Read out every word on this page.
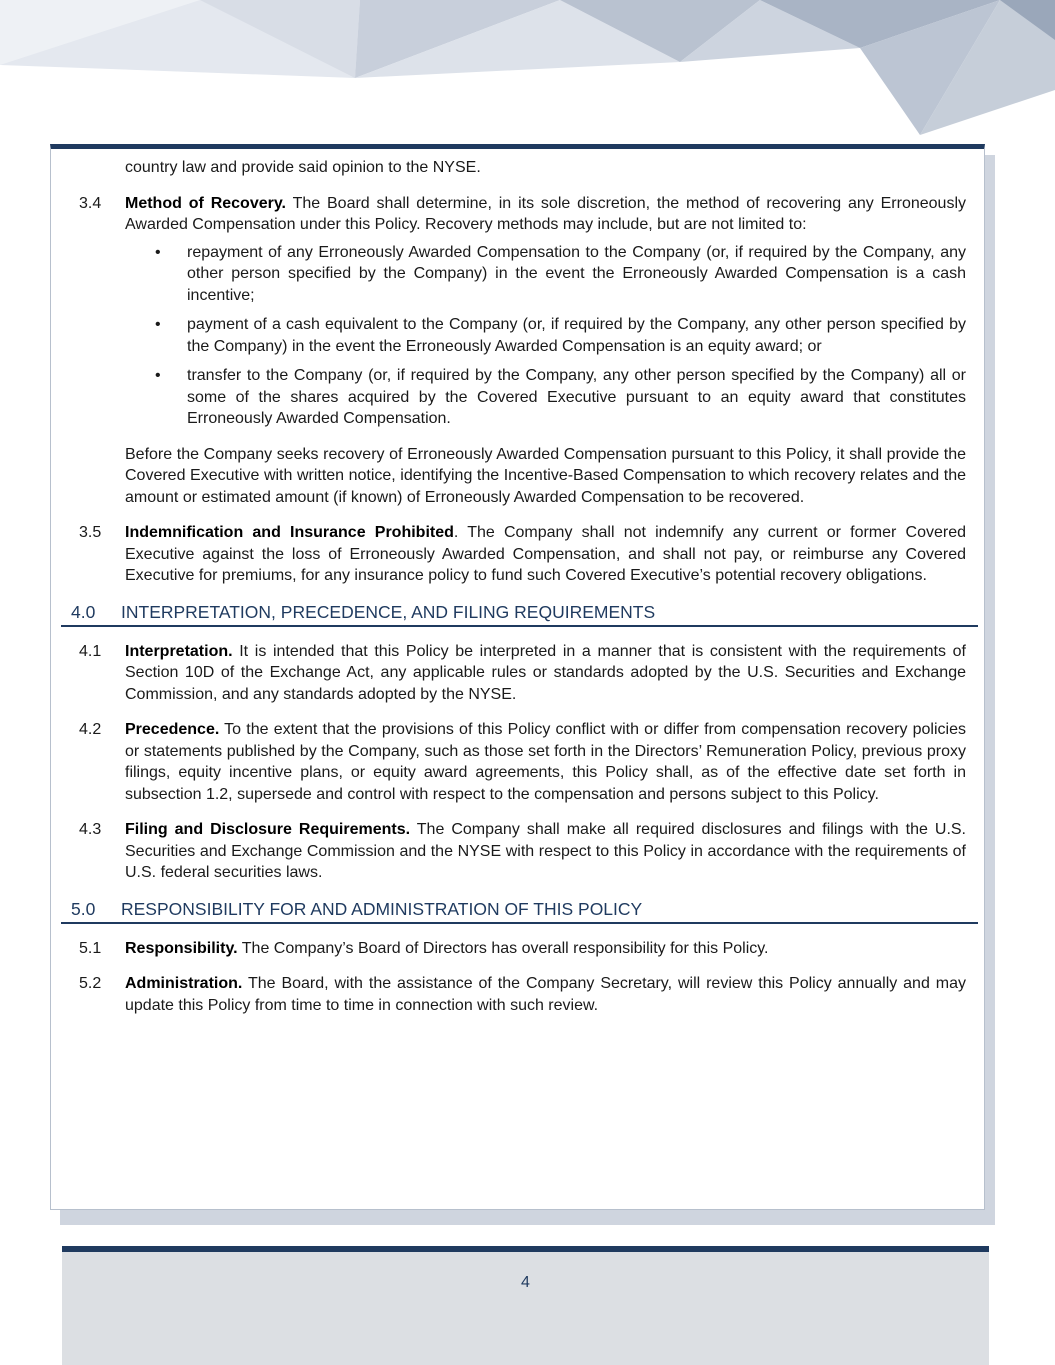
country law and provide said opinion to the NYSE.

3.4 Method of Recovery. The Board shall determine, in its sole discretion, the method of recovering any Erroneously Awarded Compensation under this Policy. Recovery methods may include, but are not limited to:

• repayment of any Erroneously Awarded Compensation to the Company (or, if required by the Company, any other person specified by the Company) in the event the Erroneously Awarded Compensation is a cash incentive;
• payment of a cash equivalent to the Company (or, if required by the Company, any other person specified by the Company) in the event the Erroneously Awarded Compensation is an equity award; or
• transfer to the Company (or, if required by the Company, any other person specified by the Company) all or some of the shares acquired by the Covered Executive pursuant to an equity award that constitutes Erroneously Awarded Compensation.

Before the Company seeks recovery of Erroneously Awarded Compensation pursuant to this Policy, it shall provide the Covered Executive with written notice, identifying the Incentive-Based Compensation to which recovery relates and the amount or estimated amount (if known) of Erroneously Awarded Compensation to be recovered.

3.5 Indemnification and Insurance Prohibited. The Company shall not indemnify any current or former Covered Executive against the loss of Erroneously Awarded Compensation, and shall not pay, or reimburse any Covered Executive for premiums, for any insurance policy to fund such Covered Executive’s potential recovery obligations.

4.0 INTERPRETATION, PRECEDENCE, AND FILING REQUIREMENTS
4.1 Interpretation. It is intended that this Policy be interpreted in a manner that is consistent with the requirements of Section 10D of the Exchange Act, any applicable rules or standards adopted by the U.S. Securities and Exchange Commission, and any standards adopted by the NYSE.

4.2 Precedence. To the extent that the provisions of this Policy conflict with or differ from compensation recovery policies or statements published by the Company, such as those set forth in the Directors’ Remuneration Policy, previous proxy filings, equity incentive plans, or equity award agreements, this Policy shall, as of the effective date set forth in subsection 1.2, supersede and control with respect to the compensation and persons subject to this Policy.

4.3 Filing and Disclosure Requirements. The Company shall make all required disclosures and filings with the U.S. Securities and Exchange Commission and the NYSE with respect to this Policy in accordance with the requirements of U.S. federal securities laws.

5.0 RESPONSIBILITY FOR AND ADMINISTRATION OF THIS POLICY
5.1 Responsibility. The Company’s Board of Directors has overall responsibility for this Policy.

5.2 Administration. The Board, with the assistance of the Company Secretary, will review this Policy annually and may update this Policy from time to time in connection with such review.

4
